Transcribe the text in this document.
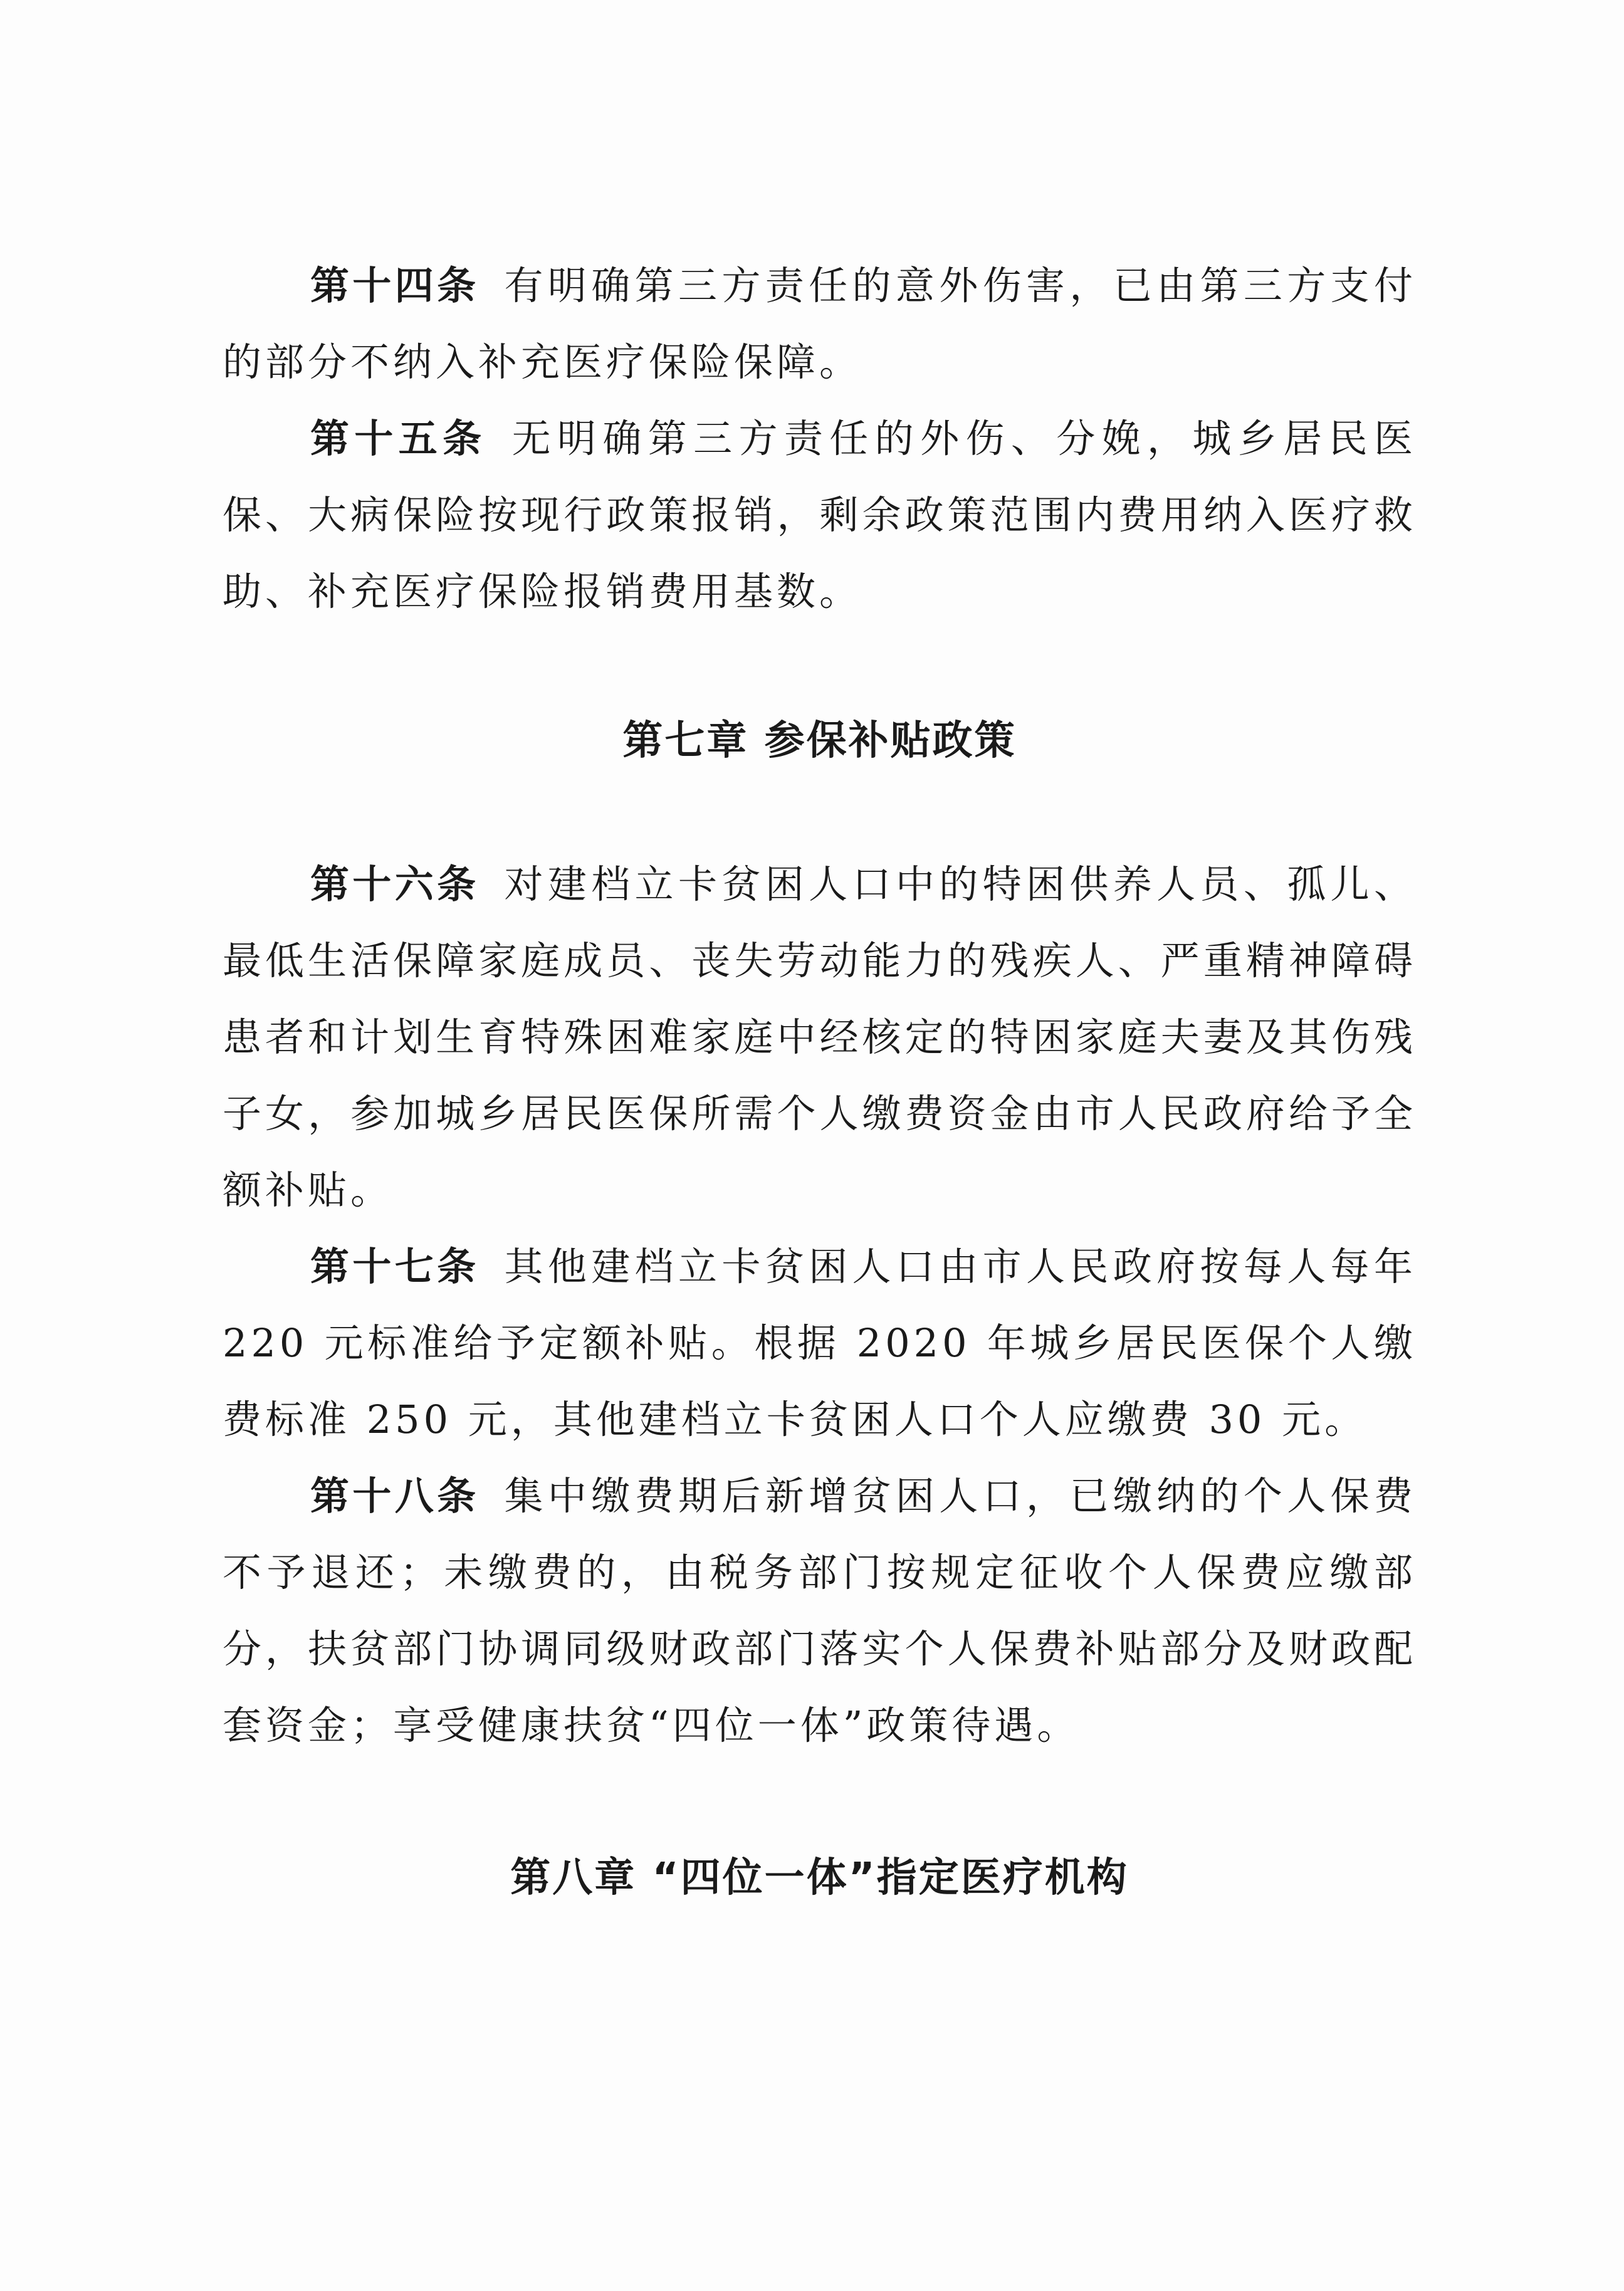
第十四条 有明确第三方责任的意外伤害，已由第三方支付的部分不纳入补充医疗保险保障。

第十五条 无明确第三方责任的外伤、分娩，城乡居民医保、大病保险按现行政策报销，剩余政策范围内费用纳入医疗救助、补充医疗保险报销费用基数。

第七章 参保补贴政策

第十六条 对建档立卡贫困人口中的特困供养人员、孤儿、最低生活保障家庭成员、丧失劳动能力的残疾人、严重精神障碍患者和计划生育特殊困难家庭中经核定的特困家庭夫妻及其伤残子女，参加城乡居民医保所需个人缴费资金由市人民政府给予全额补贴。

第十七条 其他建档立卡贫困人口由市人民政府按每人每年 220 元标准给予定额补贴。根据 2020 年城乡居民医保个人缴费标准 250 元，其他建档立卡贫困人口个人应缴费 30 元。

第十八条 集中缴费期后新增贫困人口，已缴纳的个人保费不予退还；未缴费的，由税务部门按规定征收个人保费应缴部分，扶贫部门协调同级财政部门落实个人保费补贴部分及财政配套资金；享受健康扶贫“四位一体”政策待遇。

第八章 “四位一体”指定医疗机构
